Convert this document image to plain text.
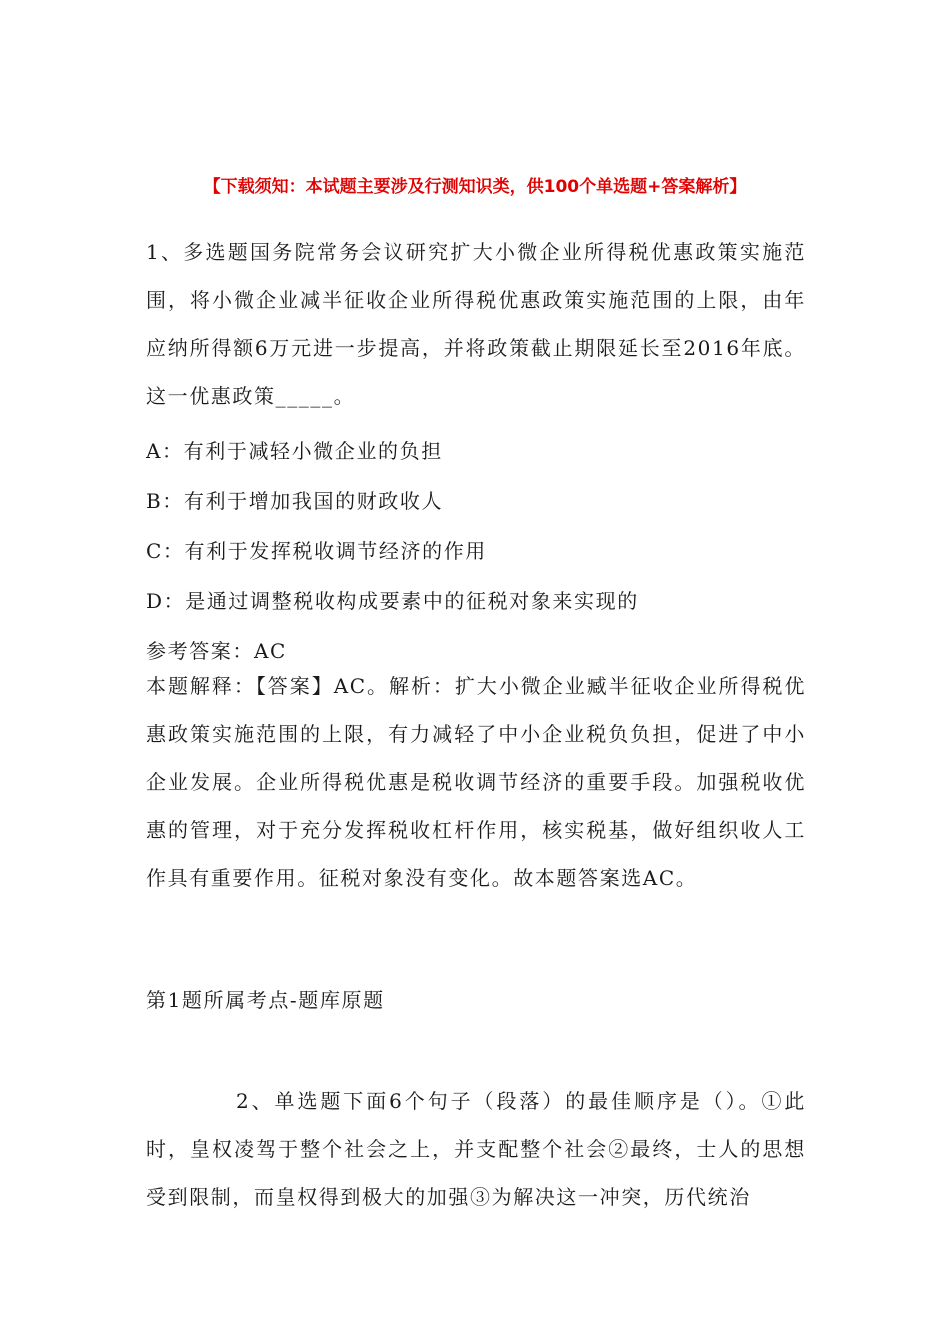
【下载须知：本试题主要涉及行测知识类，供100个单选题+答案解析】

1、多选题国务院常务会议研究扩大小微企业所得税优惠政策实施范围，将小微企业减半征收企业所得税优惠政策实施范围的上限，由年应纳所得额6万元进一步提高，并将政策截止期限延长至2016年底。这一优惠政策_____。

A：有利于减轻小微企业的负担
B：有利于增加我国的财政收人
C：有利于发挥税收调节经济的作用
D：是通过调整税收构成要素中的征税对象来实现的
参考答案：AC

本题解释：【答案】AC。解析：扩大小微企业臧半征收企业所得税优惠政策实施范围的上限，有力减轻了中小企业税负负担，促进了中小企业发展。企业所得税优惠是税收调节经济的重要手段。加强税收优惠的管理，对于充分发挥税收杠杆作用，核实税基，做好组织收人工作具有重要作用。征税对象没有变化。故本题答案选AC。

第1题所属考点-题库原题

2、单选题下面6个句子（段落）的最佳顺序是（）。①此时，皇权凌驾于整个社会之上，并支配整个社会②最终，士人的思想受到限制，而皇权得到极大的加强③为解决这一冲突，历代统治
